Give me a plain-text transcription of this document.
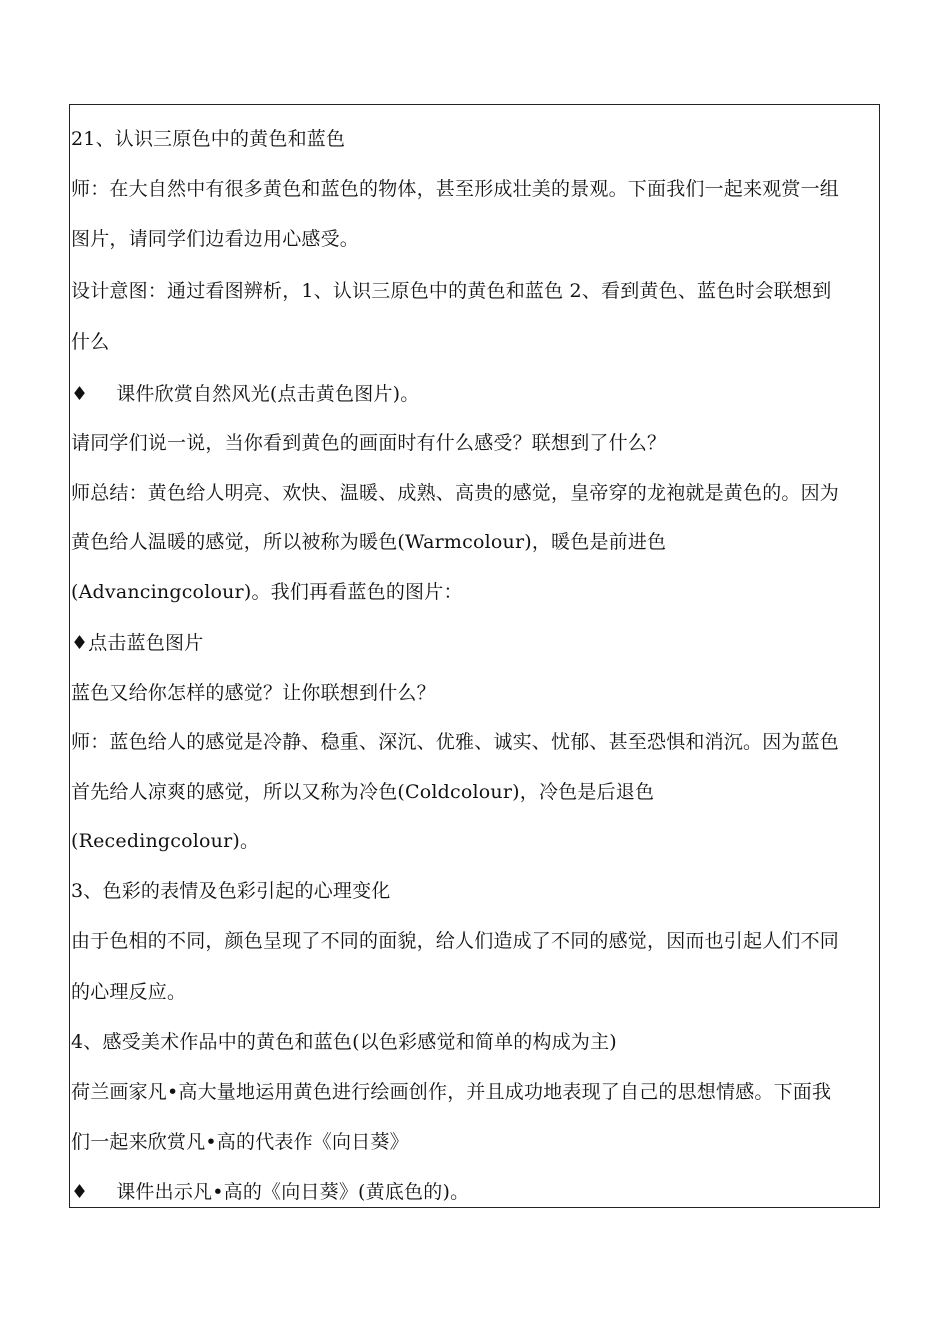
21、认识三原色中的黄色和蓝色
师：在大自然中有很多黄色和蓝色的物体，甚至形成壮美的景观。下面我们一起来观赏一组
图片，请同学们边看边用心感受。
设计意图：通过看图辨析，1、认识三原色中的黄色和蓝色 2、看到黄色、蓝色时会联想到
什么
♦ 课件欣赏自然风光(点击黄色图片)。
请同学们说一说，当你看到黄色的画面时有什么感受？联想到了什么？
师总结：黄色给人明亮、欢快、温暖、成熟、高贵的感觉，皇帝穿的龙袍就是黄色的。因为
黄色给人温暖的感觉，所以被称为暖色(Warmcolour)，暖色是前进色
(Advancingcolour)。我们再看蓝色的图片：
♦点击蓝色图片
蓝色又给你怎样的感觉？让你联想到什么？
师：蓝色给人的感觉是冷静、稳重、深沉、优雅、诚实、忧郁、甚至恐惧和消沉。因为蓝色
首先给人凉爽的感觉，所以又称为冷色(Coldcolour)，冷色是后退色
(Recedingcolour)。
3、色彩的表情及色彩引起的心理变化
由于色相的不同，颜色呈现了不同的面貌，给人们造成了不同的感觉，因而也引起人们不同
的心理反应。
4、感受美术作品中的黄色和蓝色(以色彩感觉和简单的构成为主)
荷兰画家凡•高大量地运用黄色进行绘画创作，并且成功地表现了自己的思想情感。下面我
们一起来欣赏凡•高的代表作《向日葵》
♦ 课件出示凡•高的《向日葵》(黄底色的)。
